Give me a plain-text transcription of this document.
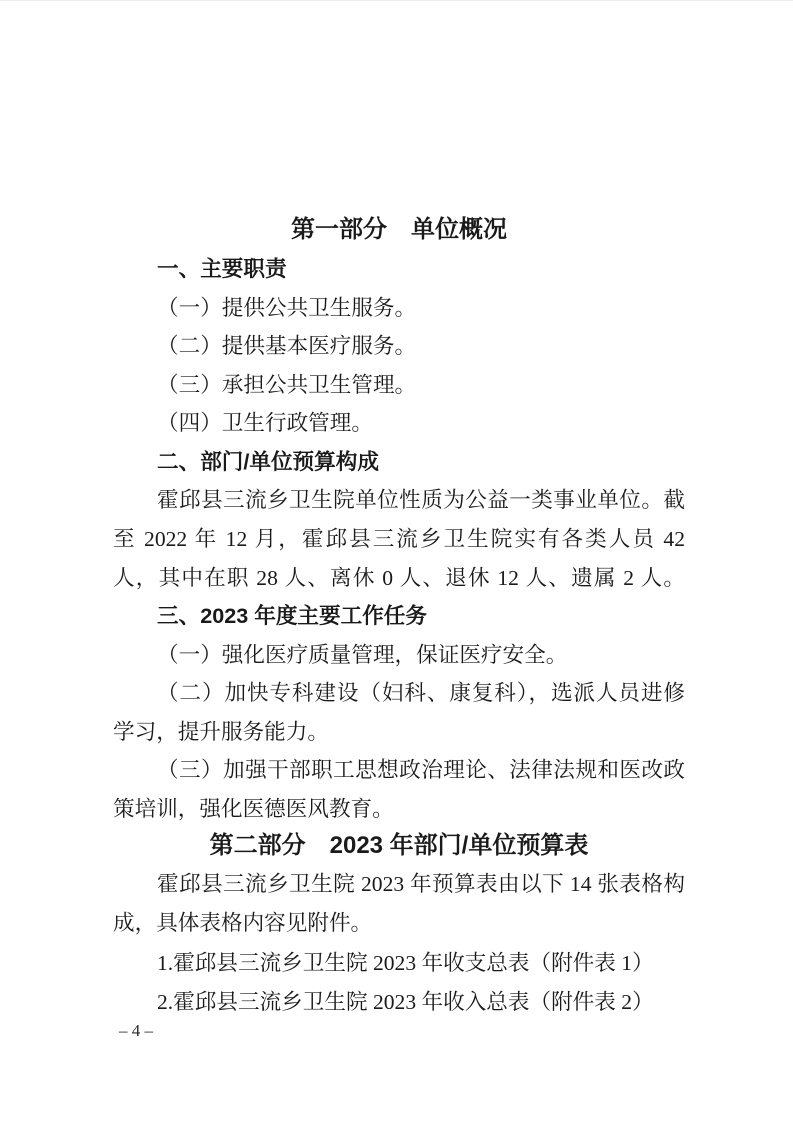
第一部分　单位概况
一、主要职责
（一）提供公共卫生服务。
（二）提供基本医疗服务。
（三）承担公共卫生管理。
（四）卫生行政管理。
二、部门/单位预算构成
霍邱县三流乡卫生院单位性质为公益一类事业单位。截
至 2022 年 12 月，霍邱县三流乡卫生院实有各类人员 42
人，其中在职 28 人、离休 0 人、退休 12 人、遗属 2 人。
三、2023 年度主要工作任务
（一）强化医疗质量管理，保证医疗安全。
（二）加快专科建设（妇科、康复科），选派人员进修
学习，提升服务能力。
（三）加强干部职工思想政治理论、法律法规和医改政
策培训，强化医德医风教育。
第二部分　2023 年部门/单位预算表
霍邱县三流乡卫生院 2023 年预算表由以下 14 张表格构
成，具体表格内容见附件。
1.霍邱县三流乡卫生院 2023 年收支总表（附件表 1）
2.霍邱县三流乡卫生院 2023 年收入总表（附件表 2）
– 4 –
